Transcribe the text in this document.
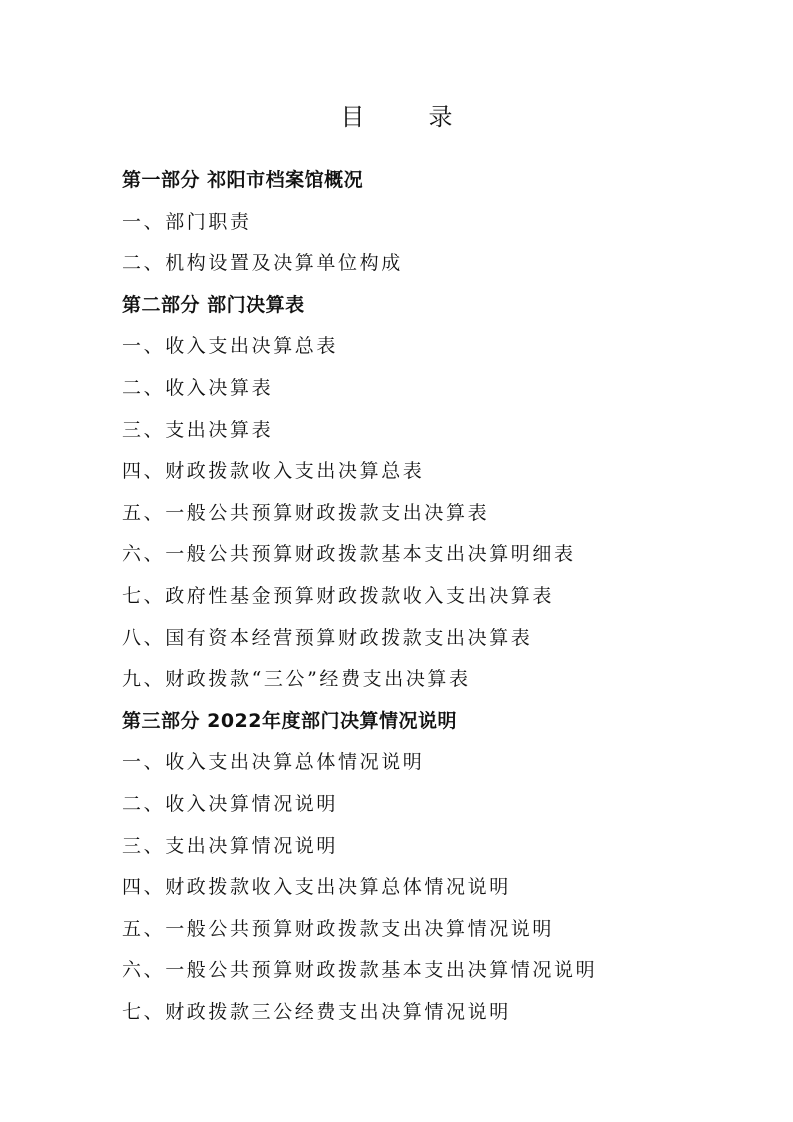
目　录
第一部分 祁阳市档案馆概况
一、部门职责
二、机构设置及决算单位构成
第二部分 部门决算表
一、收入支出决算总表
二、收入决算表
三、支出决算表
四、财政拨款收入支出决算总表
五、一般公共预算财政拨款支出决算表
六、一般公共预算财政拨款基本支出决算明细表
七、政府性基金预算财政拨款收入支出决算表
八、国有资本经营预算财政拨款支出决算表
九、财政拨款“三公”经费支出决算表
第三部分 2022年度部门决算情况说明
一、收入支出决算总体情况说明
二、收入决算情况说明
三、支出决算情况说明
四、财政拨款收入支出决算总体情况说明
五、一般公共预算财政拨款支出决算情况说明
六、一般公共预算财政拨款基本支出决算情况说明
七、财政拨款三公经费支出决算情况说明
